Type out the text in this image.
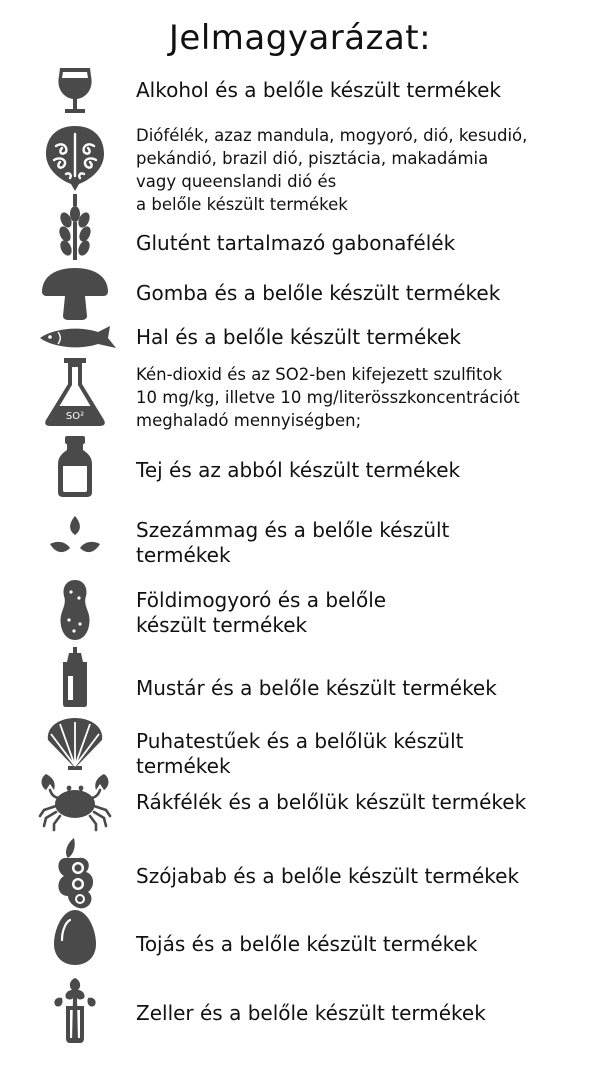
Jelmagyarázat:
Alkohol és a belőle készült termékek
Diófélék, azaz mandula, mogyoró, dió, kesudió,
pekándió, brazil dió, pisztácia, makadámia
vagy queenslandi dió és
a belőle készült termékek
Glutént tartalmazó gabonafélék
Gomba és a belőle készült termékek
Hal és a belőle készült termékek
SO²
Kén-dioxid és az SO2-ben kifejezett szulfitok
10 mg/kg, illetve 10 mg/literösszkoncentrációt
meghaladó mennyiségben;
Tej és az abból készült termékek
Szezámmag és a belőle készült
termékek
Földimogyoró és a belőle
készült termékek
Mustár és a belőle készült termékek
Puhatestűek és a belőlük készült
termékek
Rákfélék és a belőlük készült termékek
Szójabab és a belőle készült termékek
Tojás és a belőle készült termékek
Zeller és a belőle készült termékek
